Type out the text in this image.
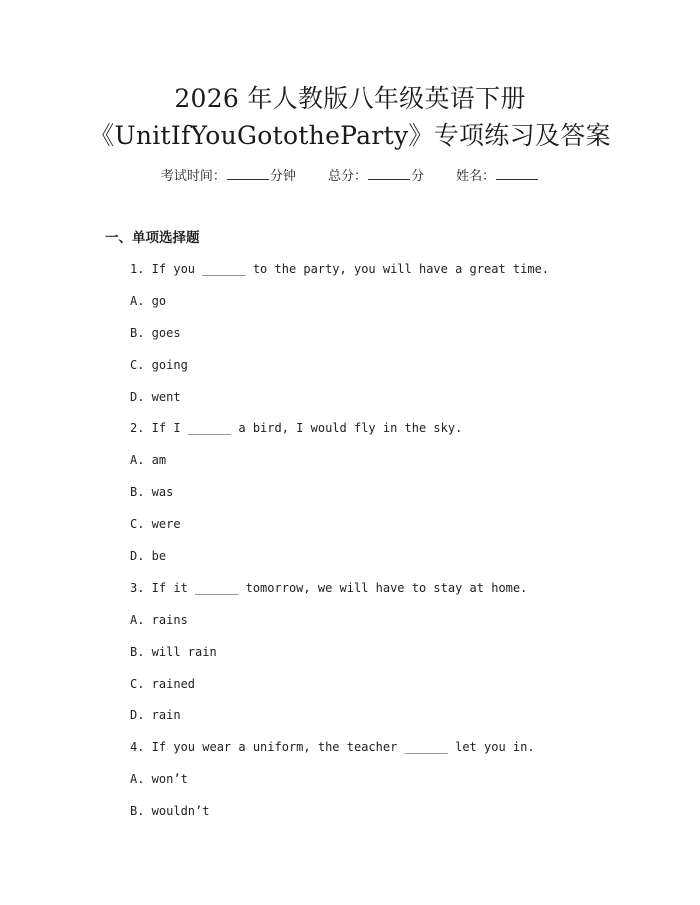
2026 年人教版八年级英语下册
《UnitIfYouGototheParty》专项练习及答案
考试时间：	分钟 总分：	分 姓名：
一、单项选择题
1. If you ______ to the party, you will have a great time.
A. go
B. goes
C. going
D. went
2. If I ______ a bird, I would fly in the sky.
A. am
B. was
C. were
D. be
3. If it ______ tomorrow, we will have to stay at home.
A. rains
B. will rain
C. rained
D. rain
4. If you wear a uniform, the teacher ______ let you in.
A. won’t
B. wouldn’t
